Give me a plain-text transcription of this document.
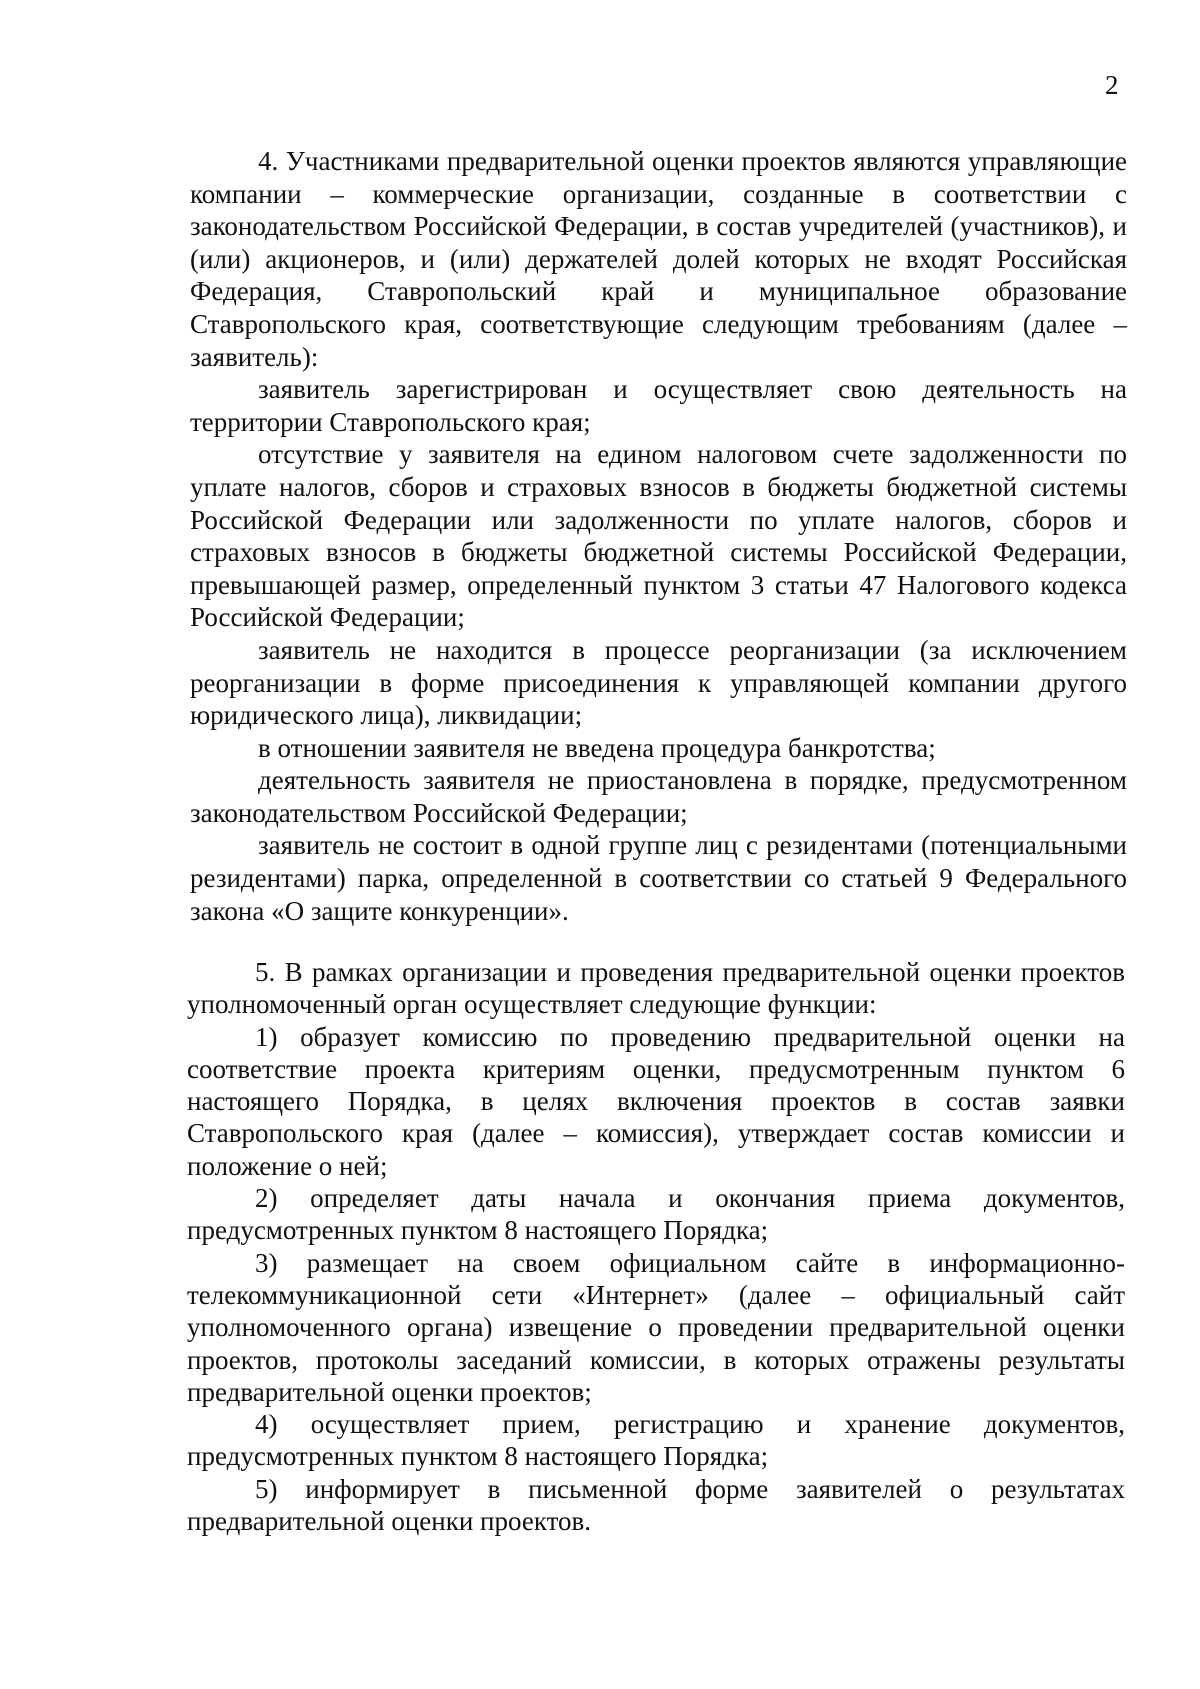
2

4. Участниками предварительной оценки проектов являются управляющие компании – коммерческие организации, созданные в соответствии с законодательством Российской Федерации, в состав учредителей (участников), и (или) акционеров, и (или) держателей долей которых не входят Российская Федерация, Ставропольский край и муниципальное образование Ставропольского края, соответствующие следующим требованиям (далее – заявитель):

заявитель зарегистрирован и осуществляет свою деятельность на территории Ставропольского края;

отсутствие у заявителя на едином налоговом счете задолженности по уплате налогов, сборов и страховых взносов в бюджеты бюджетной системы Российской Федерации или задолженности по уплате налогов, сборов и страховых взносов в бюджеты бюджетной системы Российской Федерации, превышающей размер, определенный пунктом 3 статьи 47 Налогового кодекса Российской Федерации;

заявитель не находится в процессе реорганизации (за исключением реорганизации в форме присоединения к управляющей компании другого юридического лица), ликвидации;

в отношении заявителя не введена процедура банкротства;

деятельность заявителя не приостановлена в порядке, предусмотренном законодательством Российской Федерации;

заявитель не состоит в одной группе лиц с резидентами (потенциальными резидентами) парка, определенной в соответствии со статьей 9 Федерального закона «О защите конкуренции».

5. В рамках организации и проведения предварительной оценки проектов уполномоченный орган осуществляет следующие функции:

1) образует комиссию по проведению предварительной оценки на соответствие проекта критериям оценки, предусмотренным пунктом 6 настоящего Порядка, в целях включения проектов в состав заявки Ставропольского края (далее – комиссия), утверждает состав комиссии и положение о ней;

2) определяет даты начала и окончания приема документов, предусмотренных пунктом 8 настоящего Порядка;

3) размещает на своем официальном сайте в информационно-телекоммуникационной сети «Интернет» (далее – официальный сайт уполномоченного органа) извещение о проведении предварительной оценки проектов, протоколы заседаний комиссии, в которых отражены результаты предварительной оценки проектов;

4) осуществляет прием, регистрацию и хранение документов, предусмотренных пунктом 8 настоящего Порядка;

5) информирует в письменной форме заявителей о результатах предварительной оценки проектов.
